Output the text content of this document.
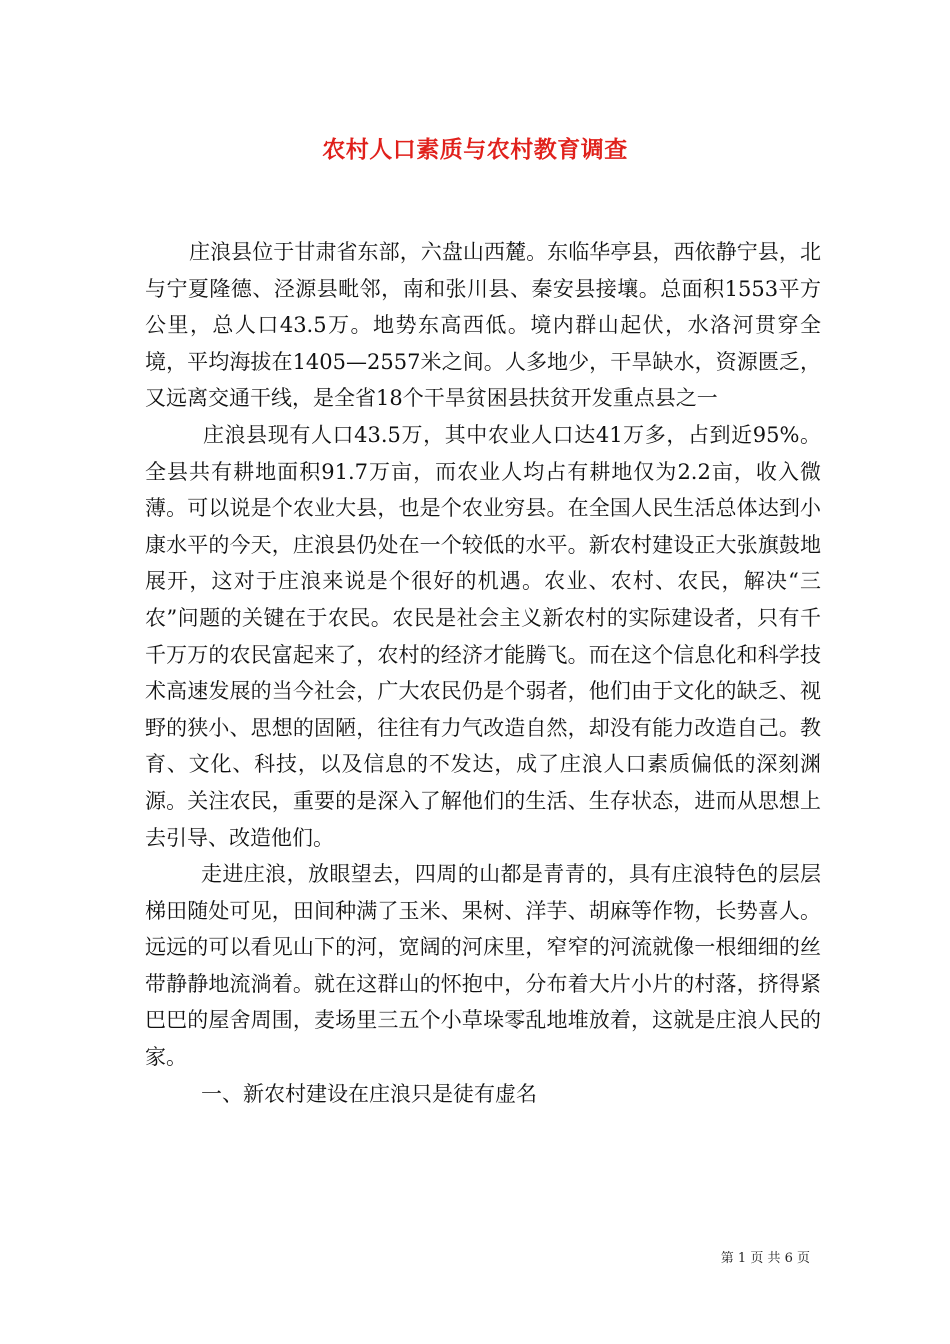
农村人口素质与农村教育调查

庄浪县位于甘肃省东部，六盘山西麓。东临华亭县，西依静宁县，北与宁夏隆德、泾源县毗邻，南和张川县、秦安县接壤。总面积1553平方公里，总人口43.5万。地势东高西低。境内群山起伏，水洛河贯穿全境，平均海拔在1405—2557米之间。人多地少，干旱缺水，资源匮乏，又远离交通干线，是全省18个干旱贫困县扶贫开发重点县之一

庄浪县现有人口43.5万，其中农业人口达41万多，占到近95%。全县共有耕地面积91.7万亩，而农业人均占有耕地仅为2.2亩，收入微薄。可以说是个农业大县，也是个农业穷县。在全国人民生活总体达到小康水平的今天，庄浪县仍处在一个较低的水平。新农村建设正大张旗鼓地展开，这对于庄浪来说是个很好的机遇。农业、农村、农民，解决“三农”问题的关键在于农民。农民是社会主义新农村的实际建设者，只有千千万万的农民富起来了，农村的经济才能腾飞。而在这个信息化和科学技术高速发展的当今社会，广大农民仍是个弱者，他们由于文化的缺乏、视野的狭小、思想的固陋，往往有力气改造自然，却没有能力改造自己。教育、文化、科技，以及信息的不发达，成了庄浪人口素质偏低的深刻渊源。关注农民，重要的是深入了解他们的生活、生存状态，进而从思想上去引导、改造他们。

走进庄浪，放眼望去，四周的山都是青青的，具有庄浪特色的层层梯田随处可见，田间种满了玉米、果树、洋芋、胡麻等作物，长势喜人。远远的可以看见山下的河，宽阔的河床里，窄窄的河流就像一根细细的丝带静静地流淌着。就在这群山的怀抱中，分布着大片小片的村落，挤得紧巴巴的屋舍周围，麦场里三五个小草垛零乱地堆放着，这就是庄浪人民的家。

一、新农村建设在庄浪只是徒有虚名

第 1 页 共 6 页
